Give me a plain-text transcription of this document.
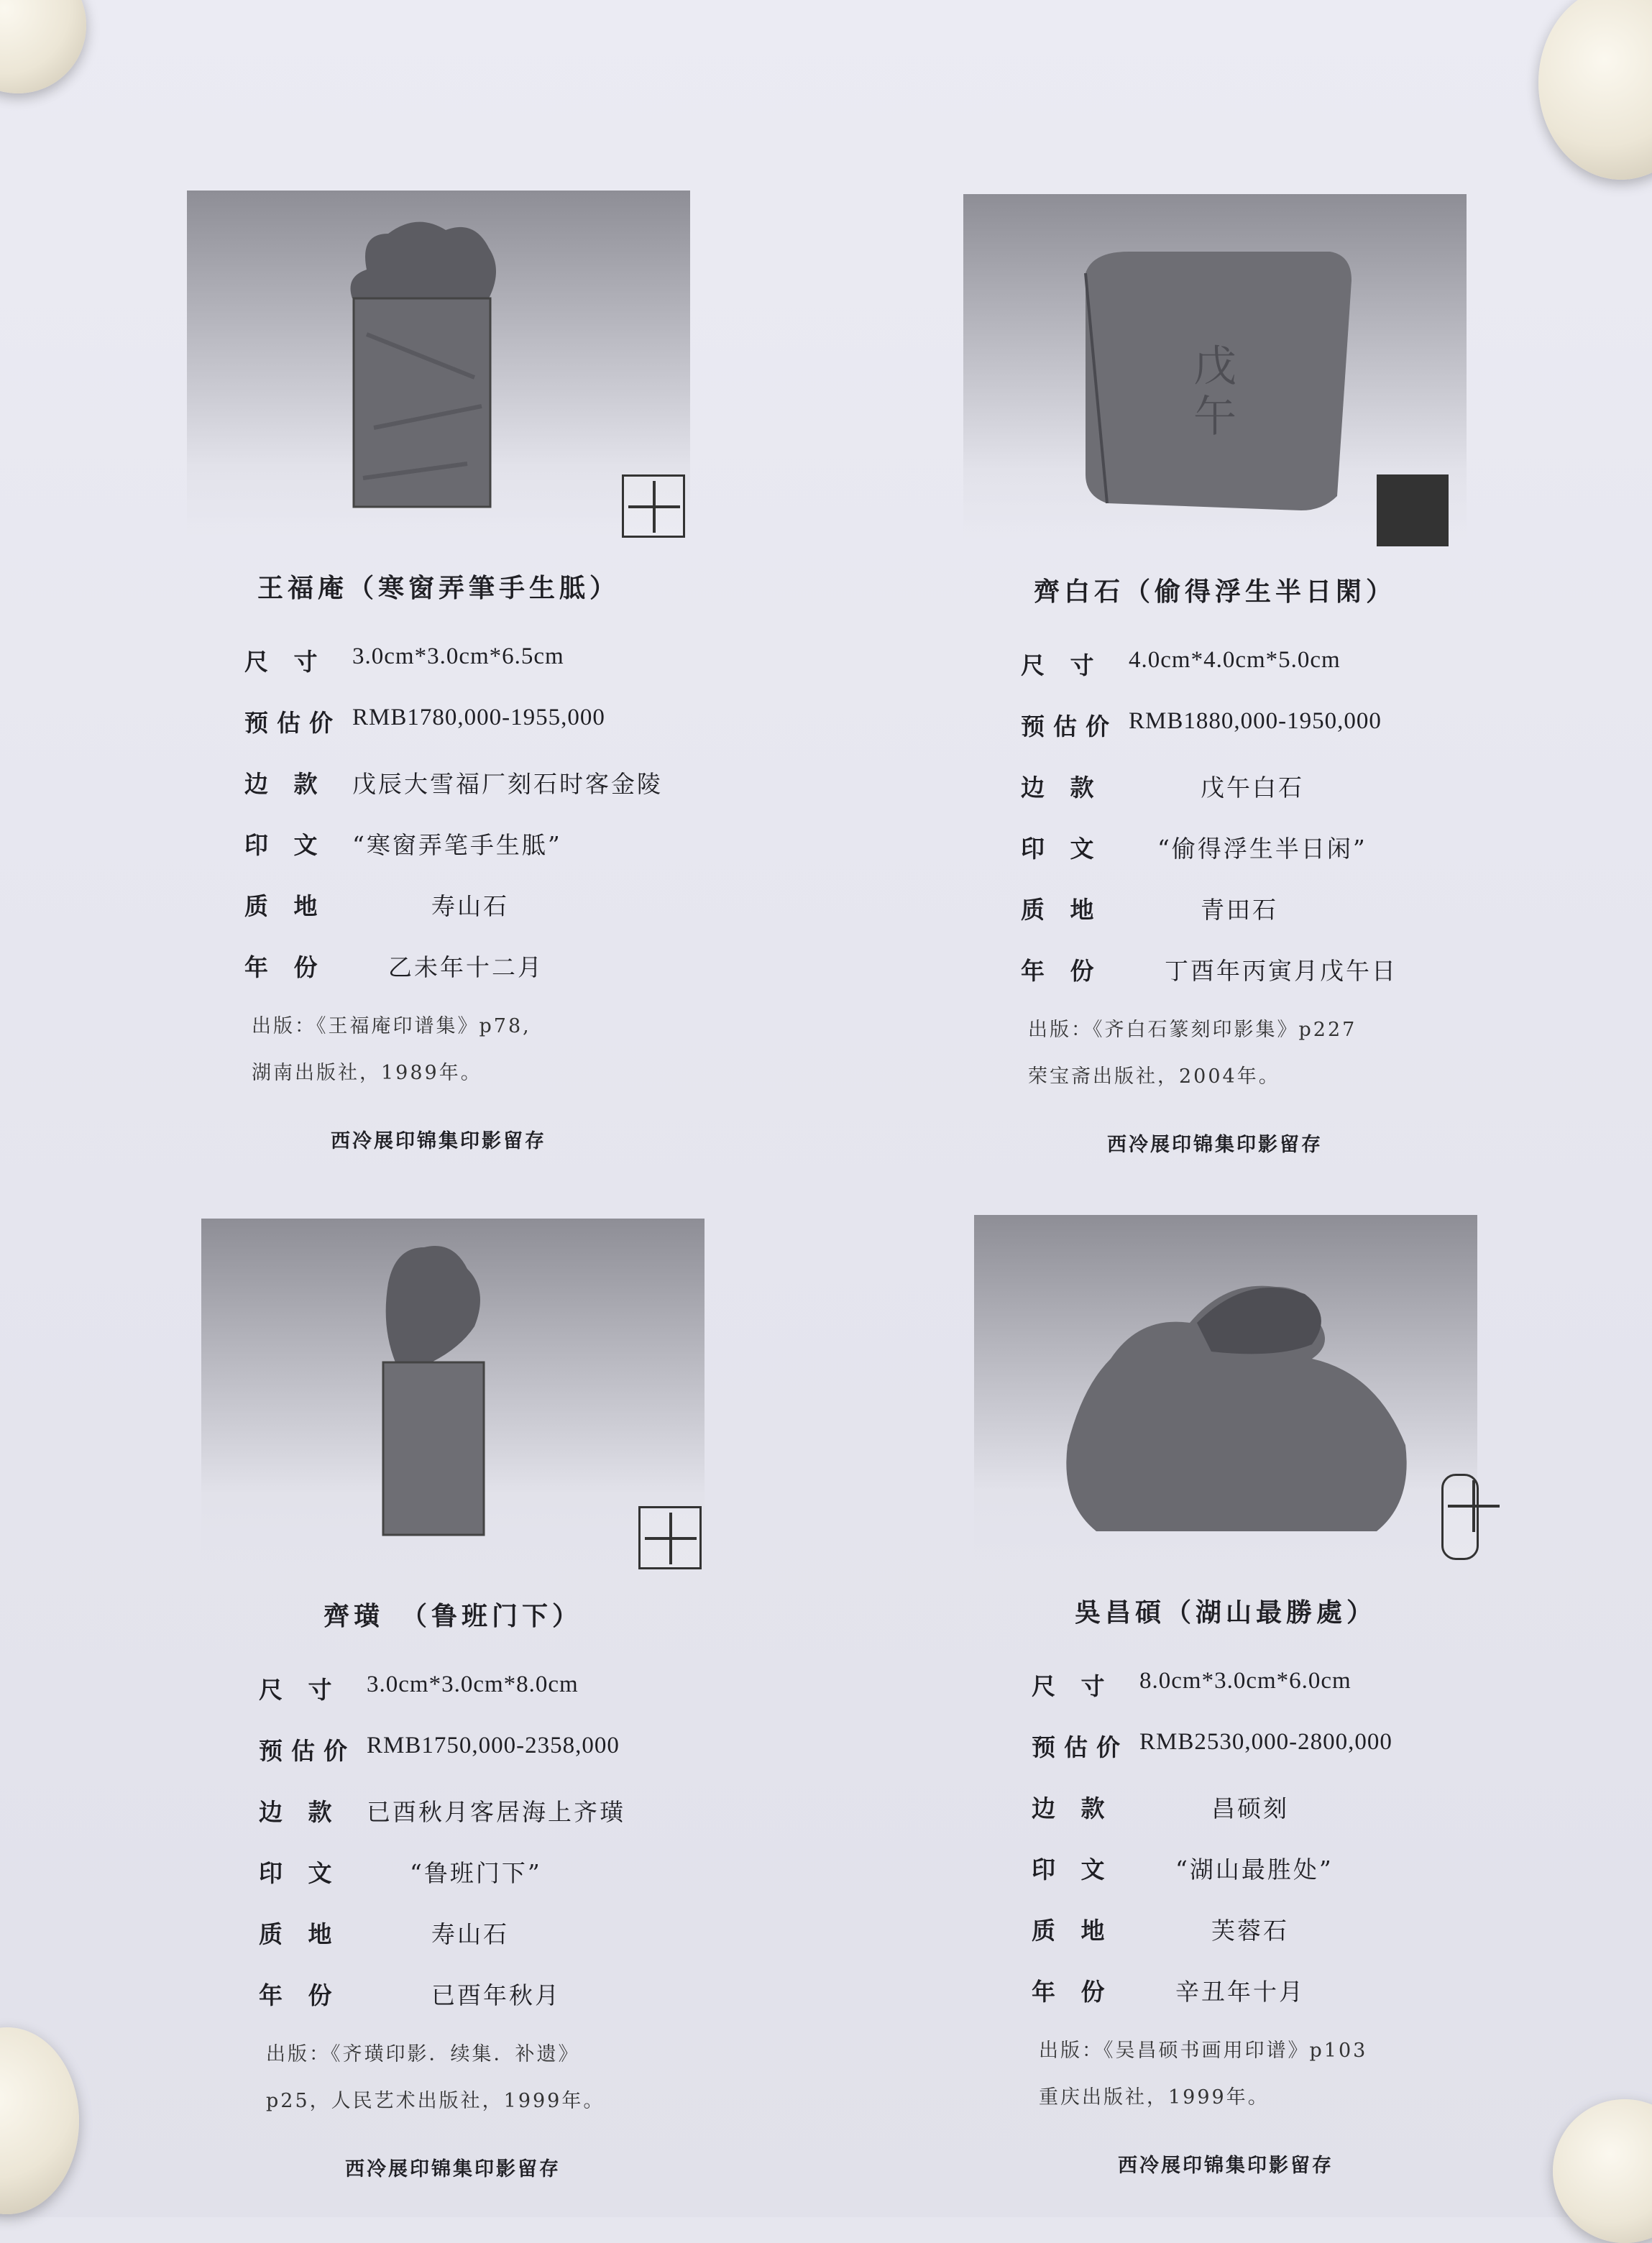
王福庵（寒窗弄筆手生胝）
尺 寸	3.0cm*3.0cm*6.5cm
预估价 RMB1780,000-1955,000
边 款	戊辰大雪福厂刻石时客金陵
印 文	“寒窗弄笔手生胝”
质 地	寿山石
年 份	乙未年十二月
出版：《王福庵印谱集》p78,
湖南出版社，1989年。
西冷展印锦集印影留存
戊
午
齊白石（偷得浮生半日閑）
尺 寸	4.0cm*4.0cm*5.0cm
预估价 RMB1880,000-1950,000
边 款	戊午白石
印 文	“偷得浮生半日闲”
质 地	青田石
年 份	丁酉年丙寅月戊午日
出版：《齐白石篆刻印影集》p227
荣宝斋出版社，2004年。
西冷展印锦集印影留存
齊璜　（鲁班门下）
尺 寸	3.0cm*3.0cm*8.0cm
预估价 RMB1750,000-2358,000
边 款	已酉秋月客居海上齐璜
印 文	“鲁班门下”
质 地	寿山石
年 份	已酉年秋月
出版：《齐璜印影．续集．补遗》
p25，人民艺术出版社，1999年。
西冷展印锦集印影留存
吳昌碩（湖山最勝處）
尺 寸	8.0cm*3.0cm*6.0cm
预估价 RMB2530,000-2800,000
边 款	昌硕刻
印 文	“湖山最胜处”
质 地	芙蓉石
年 份	辛丑年十月
出版：《吴昌硕书画用印谱》p103
重庆出版社，1999年。
西冷展印锦集印影留存
